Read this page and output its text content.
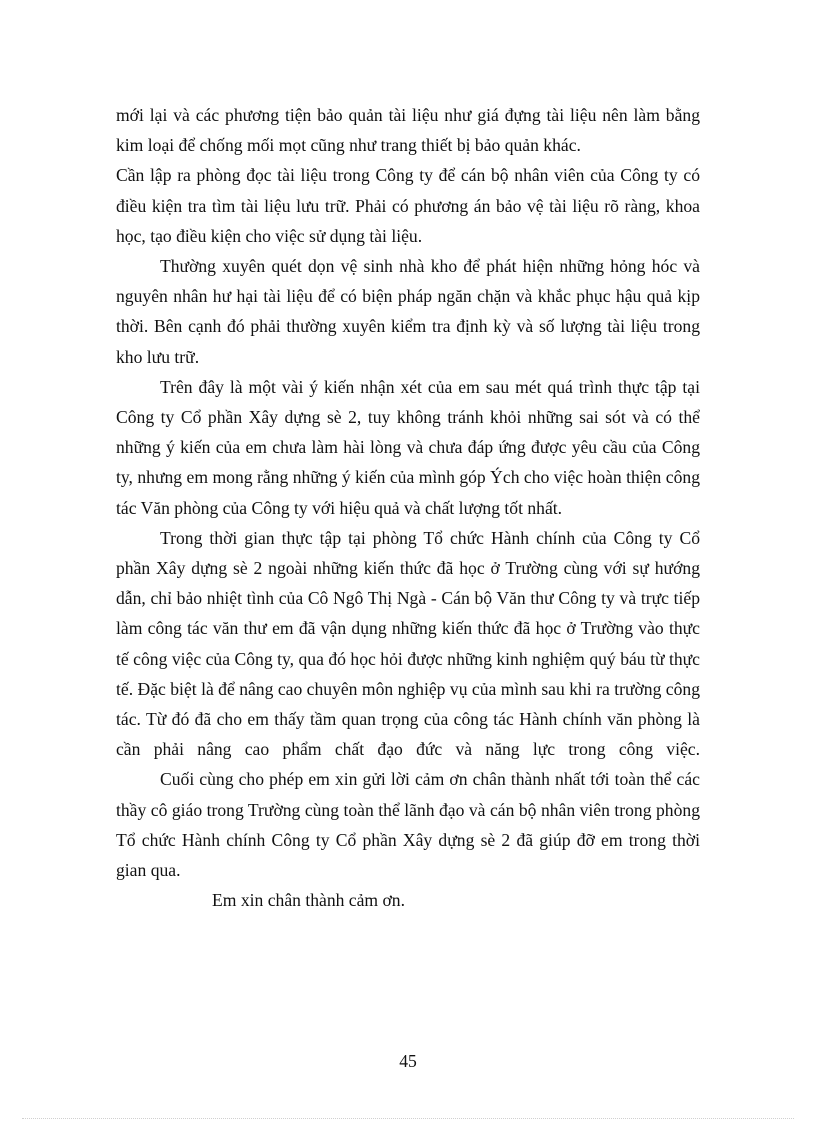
mới lại và các phương tiện bảo quản tài liệu như giá đựng tài liệu nên làm bằng kim loại để chống mối mọt cũng như trang thiết bị bảo quản khác.

Cần lập ra phòng đọc tài liệu trong Công ty để cán bộ nhân viên của Công ty có điều kiện tra tìm tài liệu lưu trữ. Phải có phương án bảo vệ tài liệu rõ ràng, khoa học, tạo điều kiện cho việc sử dụng tài liệu.

Thường xuyên quét dọn vệ sinh nhà kho để phát hiện những hỏng hóc và nguyên nhân hư hại tài liệu để có biện pháp ngăn chặn và khắc phục hậu quả kịp thời. Bên cạnh đó phải thường xuyên kiểm tra định kỳ và số lượng tài liệu trong kho lưu trữ.

Trên đây là một vài ý kiến nhận xét của em sau mét quá trình thực tập tại Công ty Cổ phần Xây dựng sè 2, tuy không tránh khỏi những sai sót và có thể những ý kiến của em chưa làm hài lòng và chưa đáp ứng được yêu cầu của Công ty, nhưng em mong rằng những ý kiến của mình góp Ých cho việc hoàn thiện công tác Văn phòng của Công ty với hiệu quả và chất lượng tốt nhất.

Trong thời gian thực tập tại phòng Tổ chức Hành chính của Công ty Cổ phần Xây dựng sè 2 ngoài những kiến thức đã học ở Trường cùng với sự hướng dẫn, chỉ bảo nhiệt tình của Cô Ngô Thị Ngà - Cán bộ Văn thư Công ty và trực tiếp làm công tác văn thư em đã vận dụng những kiến thức đã học ở Trường vào thực tế công việc của Công ty, qua đó học hỏi được những kinh nghiệm quý báu từ thực tế. Đặc biệt là để nâng cao chuyên môn nghiệp vụ của mình sau khi ra trường công tác. Từ đó đã cho em thấy tầm quan trọng của công tác Hành chính văn phòng là cần phải nâng cao phẩm chất đạo đức và năng lực trong công việc.

Cuối cùng cho phép em xin gửi lời cảm ơn chân thành nhất tới toàn thể các thầy cô giáo trong Trường cùng toàn thể lãnh đạo và cán bộ nhân viên trong phòng Tổ chức Hành chính Công ty Cổ phần Xây dựng sè 2 đã giúp đỡ em trong thời gian qua.

Em xin chân thành cảm ơn.

45
